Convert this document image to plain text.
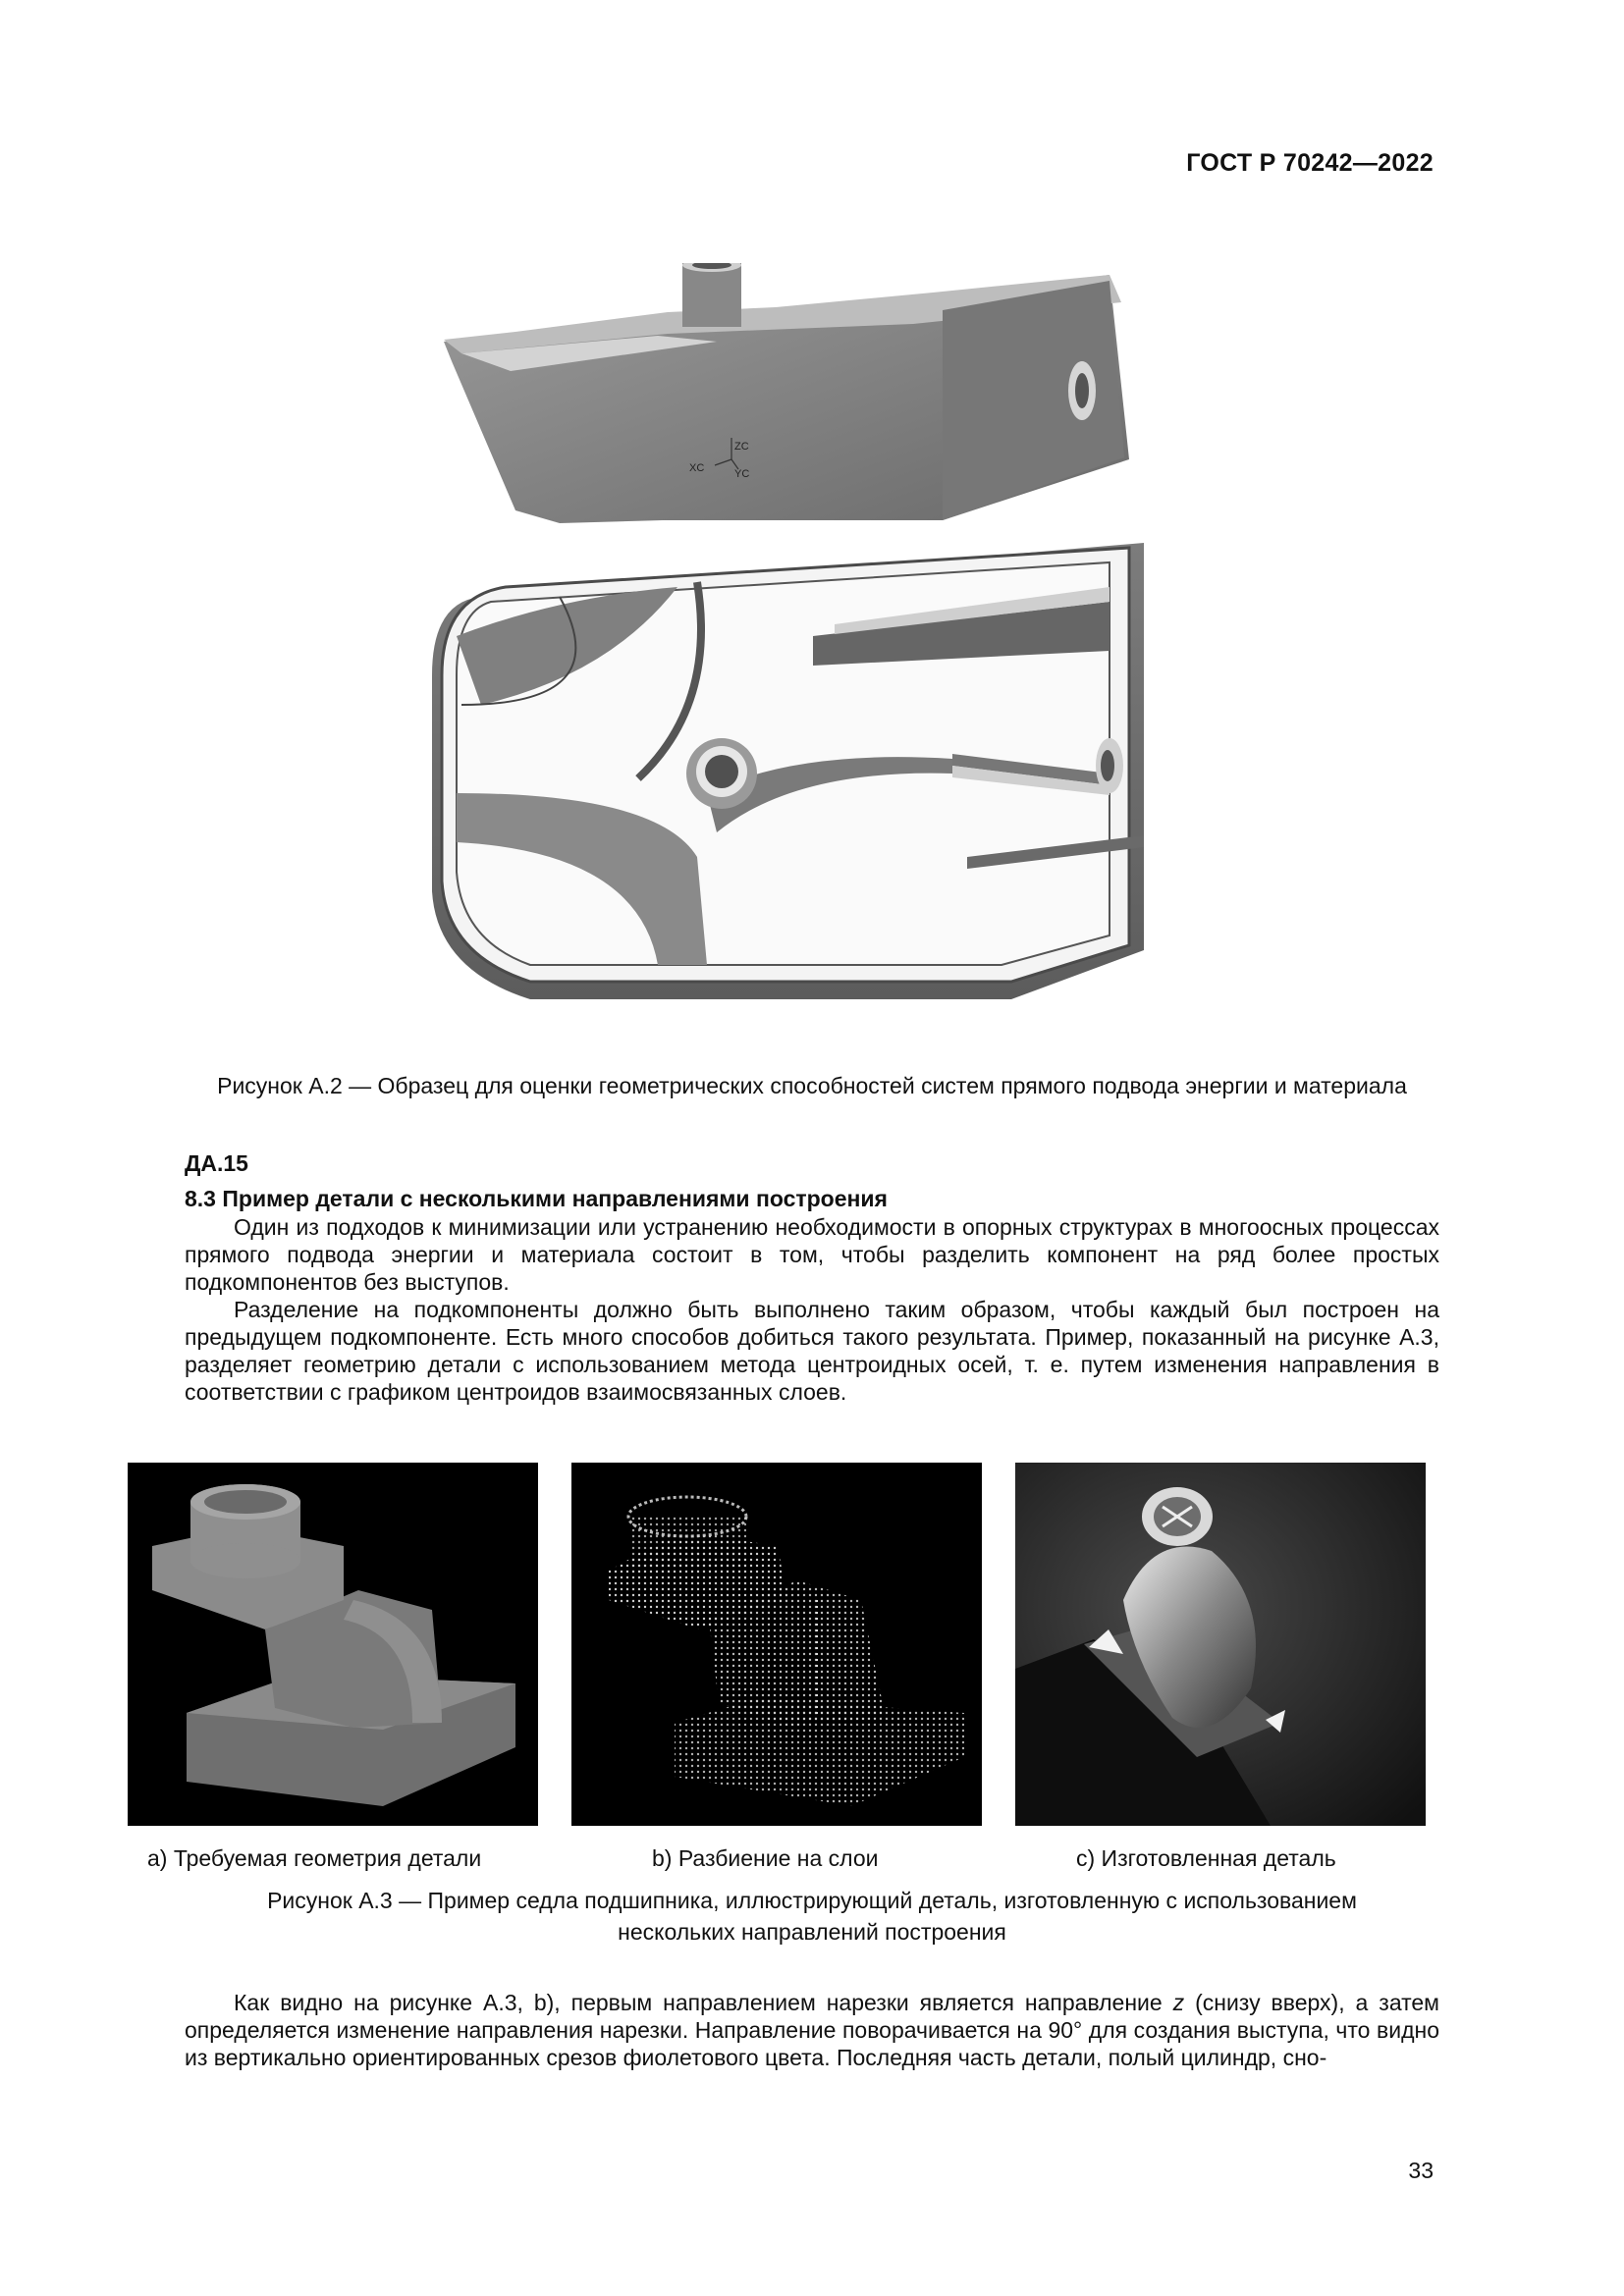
ГОСТ Р 70242—2022
ZC
XC	YC
Рисунок А.2 — Образец для оценки геометрических способностей систем прямого подвода энергии и материала
ДА.15
8.3 Пример детали с несколькими направлениями построения

Один из подходов к минимизации или устранению необходимости в опорных структурах в многоосных процессах прямого подвода энергии и материала состоит в том, чтобы разделить компонент на ряд более простых подкомпонентов без выступов.

Разделение на подкомпоненты должно быть выполнено таким образом, чтобы каждый был построен на предыдущем подкомпоненте. Есть много способов добиться такого результата. Пример, показанный на рисунке А.3, разделяет геометрию детали с использованием метода центроидных осей, т. е. путем изменения направления в соответствии с графиком центроидов взаимосвязанных слоев.

a) Требуемая геометрия детали	b) Разбиение на слои	c) Изготовленная деталь
Рисунок А.3 — Пример седла подшипника, иллюстрирующий деталь, изготовленную с использованием
нескольких направлений построения

Как видно на рисунке А.3, b), первым направлением нарезки является направление z (снизу вверх), а затем определяется изменение направления нарезки. Направление поворачивается на 90° для создания выступа, что видно из вертикально ориентированных срезов фиолетового цвета. Последняя часть детали, полый цилиндр, сно-

33
